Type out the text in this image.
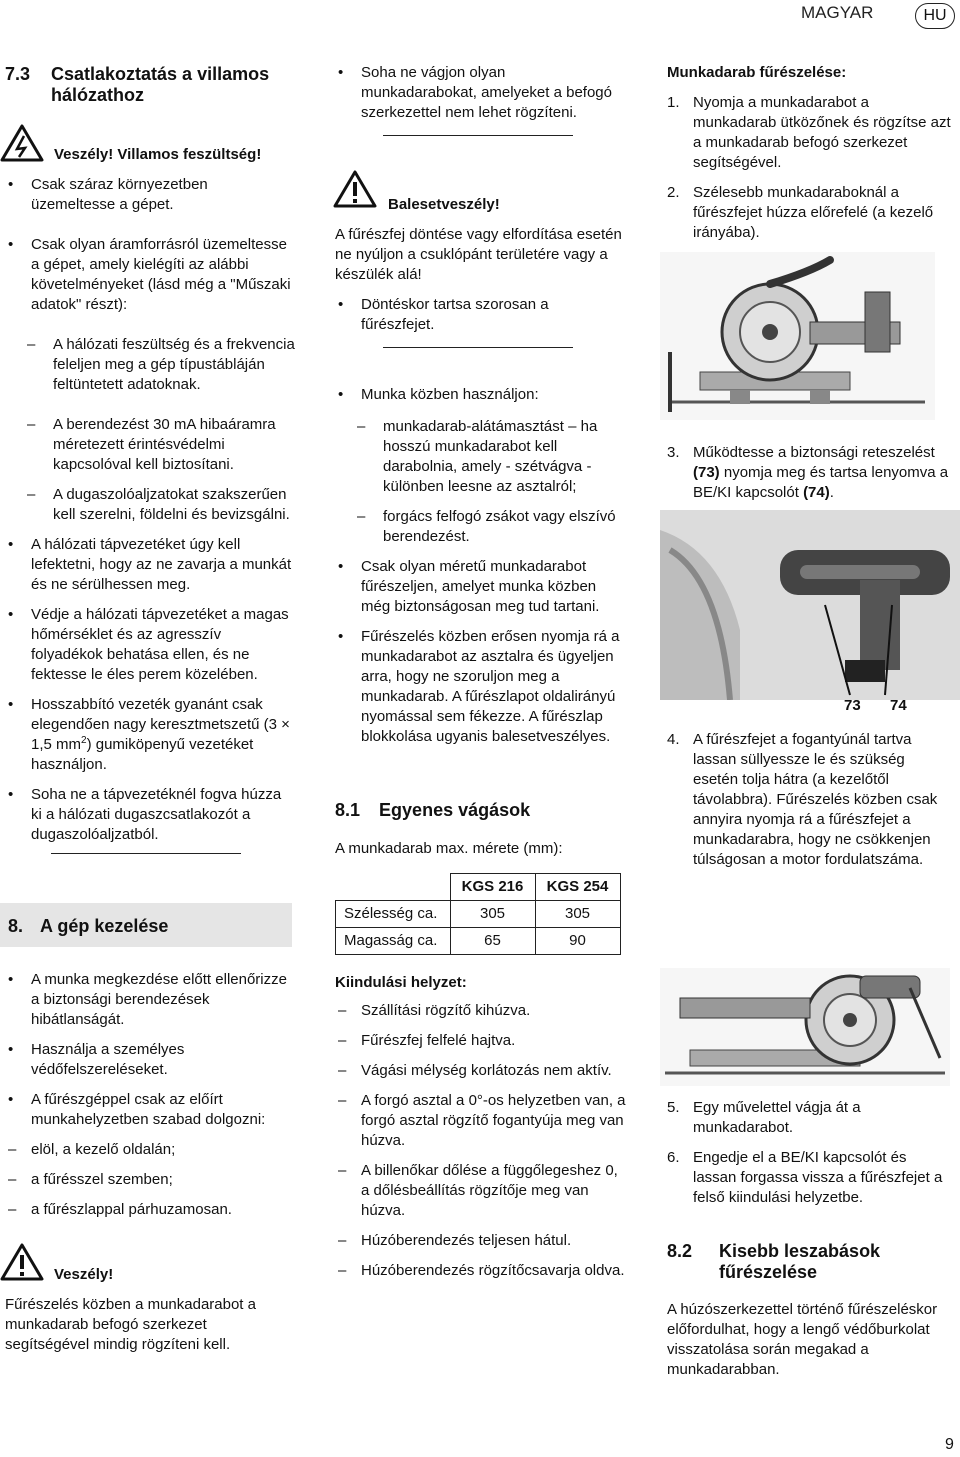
MAGYAR	HU
7.3 Csatlakoztatás a villamos hálózathoz
Veszély! Villamos feszültség!
• Csak száraz környezetben üzemeltesse a gépet.
• Csak olyan áramforrásról üzemeltesse a gépet, amely kielégíti az alábbi követelményeket (lásd még a "Műszaki adatok" részt):
– A hálózati feszültség és a frekvencia feleljen meg a gép típustábláján feltüntetett adatoknak.
– A berendezést 30 mA hibaáramra méretezett érintésvédelmi kapcsolóval kell biztosítani.
– A dugaszolóaljzatokat szakszerűen kell szerelni, földelni és bevizsgálni.
• A hálózati tápvezetéket úgy kell lefektetni, hogy az ne zavarja a munkát és ne sérülhessen meg.
• Védje a hálózati tápvezetéket a magas hőmérséklet és az agresszív folyadékok behatása ellen, és ne fektesse le éles perem közelében.
• Hosszabbító vezeték gyanánt csak elegendően nagy keresztmetszetű (3 × 1,5 $mm^2$) gumiköpenyű vezetéket használjon.
• Soha ne a tápvezetéknél fogva húzza ki a hálózati dugaszcsatlakozót a dugaszolóaljzatból.
8. A gép kezelése
• A munka megkezdése előtt ellenőrizze a biztonsági berendezések hibátlanságát.
• Használja a személyes védőfelszereléseket.
• A fűrészgéppel csak az előírt munkahelyzetben szabad dolgozni:
– elöl, a kezelő oldalán;
– a fűrésszel szemben;
– a fűrészlappal párhuzamosan.
Veszély!
Fűrészelés közben a munkadarabot a munkadarab befogó szerkezet segítségével mindig rögzíteni kell.
• Soha ne vágjon olyan munkadarabokat, amelyeket a befogó szerkezettel nem lehet rögzíteni.
Balesetveszély!
A fűrészfej döntése vagy elfordítása esetén ne nyúljon a csuklópánt területére vagy a készülék alá!
• Döntéskor tartsa szorosan a fűrészfejet.
• Munka közben használjon:
– munkadarab-alátámasztást – ha hosszú munkadarabot kell darabolnia, amely - szétvágva - különben leesne az asztalról;
– forgács felfogó zsákot vagy elszívó berendezést.
• Csak olyan méretű munkadarabot fűrészeljen, amelyet munka közben még biztonságosan meg tud tartani.
• Fűrészelés közben erősen nyomja rá a munkadarabot az asztalra és ügyeljen arra, hogy ne szoruljon meg a munkadarab. A fűrészlapot oldalirányú nyomással sem fékezze. A fűrészlap blokkolása ugyanis balesetveszélyes.
8.1 Egyenes vágások
A munkadarab max. mérete (mm):
	KGS 216	KGS 254
Szélesség ca.	305	305
Magasság ca.	65	90
Kiindulási helyzet:
– Szállítási rögzítő kihúzva.
– Fűrészfej felfelé hajtva.
– Vágási mélység korlátozás nem aktív.
– A forgó asztal a 0°-os helyzetben van, a forgó asztal rögzítő fogantyúja meg van húzva.
– A billenőkar dőlése a függőlegeshez 0, a dőlésbeállítás rögzítője meg van húzva.
– Húzóberendezés teljesen hátul.
– Húzóberendezés rögzítőcsavarja oldva.
Munkadarab fűrészelése:
1. Nyomja a munkadarabot a munkadarab ütközőnek és rögzítse azt a munkadarab befogó szerkezet segítségével.
2. Szélesebb munkadaraboknál a fűrészfejet húzza előrefelé (a kezelő irányába).
3. Működtesse a biztonsági reteszelést (73) nyomja meg és tartsa lenyomva a BE/KI kapcsolót (74).
73 74
4. A fűrészfejet a fogantyúnál tartva lassan süllyessze le és szükség esetén tolja hátra (a kezelőtől távolabbra). Fűrészelés közben csak annyira nyomja rá a fűrészfejet a munkadarabra, hogy ne csökkenjen túlságosan a motor fordulatszáma.
5. Egy művelettel vágja át a munkadarabot.
6. Engedje el a BE/KI kapcsolót és lassan forgassa vissza a fűrészfejet a felső kiindulási helyzetbe.
8.2 Kisebb leszabások fűrészelése
A húzószerkezettel történő fűrészeléskor előfordulhat, hogy a lengő védőburkolat visszatolása során megakad a munkadarabban.
9
